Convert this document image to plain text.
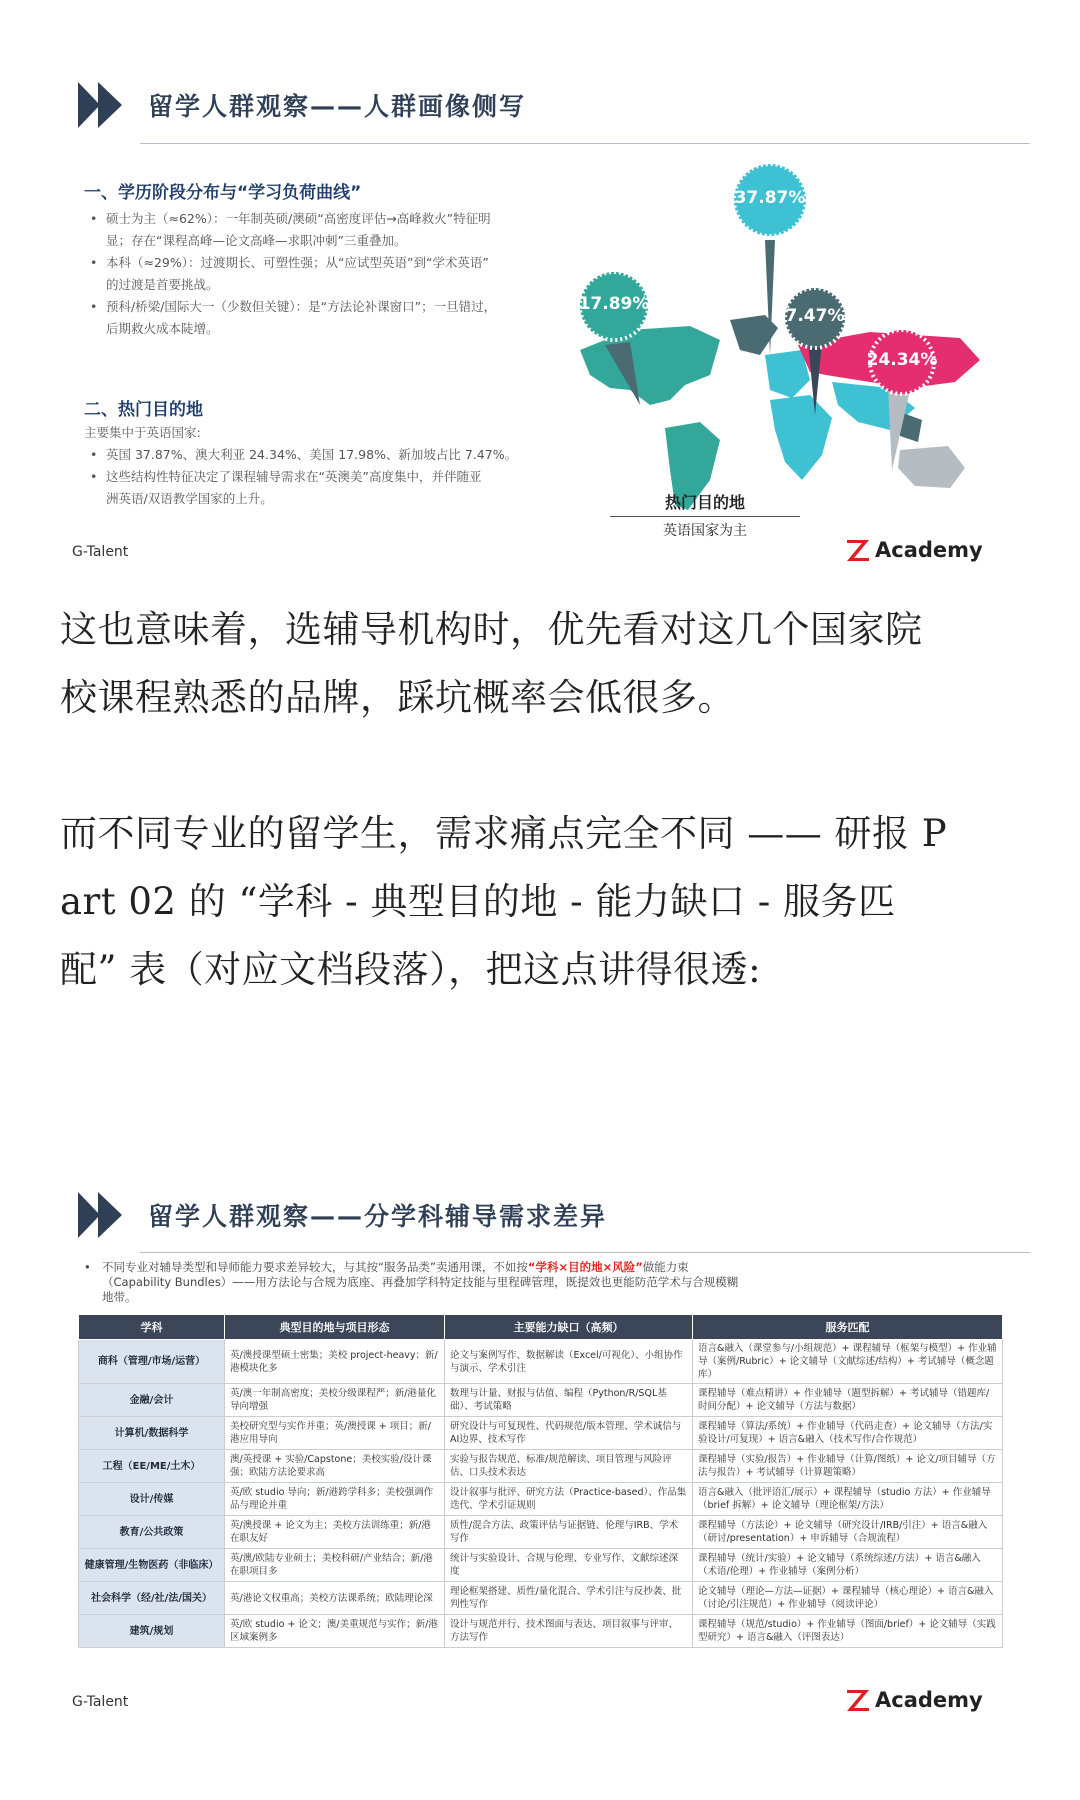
留学人群观察——人群画像侧写
一、学历阶段分布与“学习负荷曲线”
• 硕士为主（≈62%）：一年制英硕/澳硕“高密度评估→高峰救火”特征明
显；存在“课程高峰—论文高峰—求职冲刺”三重叠加。
• 本科（≈29%）：过渡期长、可塑性强；从“应试型英语”到“学术英语”
的过渡是首要挑战。
• 预科/桥梁/国际大一（少数但关键）：是“方法论补课窗口”；一旦错过，
后期救火成本陡增。
二、热门目的地
主要集中于英语国家:
• 英国 37.87%、澳大利亚 24.34%、美国 17.98%、新加坡占比 7.47%。
• 这些结构性特征决定了课程辅导需求在“英澳美”高度集中，并伴随亚
洲英语/双语教学国家的上升。
37.87%
17.89%
7.47%
24.34%
热门目的地
英语国家为主
G-Talent	Academy
这也意味着，选辅导机构时，优先看对这几个国家院
校课程熟悉的品牌，踩坑概率会低很多。
而不同专业的留学生，需求痛点完全不同 —— 研报 P
art 02 的 “学科 - 典型目的地 - 能力缺口 - 服务匹
配” 表（对应文档段落），把这点讲得很透:
留学人群观察——分学科辅导需求差异
• 不同专业对辅导类型和导师能力要求差异较大，与其按“服务品类”卖通用课，不如按“学科×目的地×风险”做能力束
（Capability Bundles）——用方法论与合规为底座、再叠加学科特定技能与里程碑管理，既提效也更能防范学术与合规模糊
地带。
学科	典型目的地与项目形态	主要能力缺口（高频）	服务匹配
商科（管理/市场/运营）	英/澳授课型硕士密集；美校 project-heavy；新/港模块化多	论文与案例写作、数据解读（Excel/可视化）、小组协作与演示、学术引注	语言&融入（课堂参与/小组规范）+ 课程辅导（框架与模型）+ 作业辅导（案例/Rubric）+ 论文辅导（文献综述/结构）+ 考试辅导（概念题库）
金融/会计	英/澳一年制高密度；美校分级课程严；新/港量化导向增强	数理与计量、财报与估值、编程（Python/R/SQL基础）、考试策略	课程辅导（难点精讲）+ 作业辅导（题型拆解）+ 考试辅导（错题库/时间分配）+ 论文辅导（方法与数据）
计算机/数据科学	美校研究型与实作并重；英/澳授课 + 项目；新/港应用导向	研究设计与可复现性、代码规范/版本管理、学术诚信与AI边界、技术写作	课程辅导（算法/系统）+ 作业辅导（代码走查）+ 论文辅导（方法/实验设计/可复现）+ 语言&融入（技术写作/合作规范）
工程（EE/ME/土木）	澳/英授课 + 实验/Capstone；美校实验/设计课强；欧陆方法论要求高	实验与报告规范、标准/规范解读、项目管理与风险评估、口头技术表达	课程辅导（实验/报告）+ 作业辅导（计算/图纸）+ 论文/项目辅导（方法与报告）+ 考试辅导（计算题策略）
设计/传媒	英/欧 studio 导向；新/港跨学科多；美校强调作品与理论并重	设计叙事与批评、研究方法（Practice-based）、作品集迭代、学术引证规则	语言&融入（批评语汇/展示）+ 课程辅导（studio 方法）+ 作业辅导（brief 拆解）+ 论文辅导（理论框架/方法）
教育/公共政策	英/澳授课 + 论文为主；美校方法训练重；新/港在职友好	质性/混合方法、政策评估与证据链、伦理与IRB、学术写作	课程辅导（方法论）+ 论文辅导（研究设计/IRB/引注）+ 语言&融入（研讨/presentation）+ 申诉辅导（合规流程）
健康管理/生物医药（非临床）	英/澳/欧陆专业硕士；美校科研/产业结合；新/港在职项目多	统计与实验设计、合规与伦理、专业写作、文献综述深度	课程辅导（统计/实验）+ 论文辅导（系统综述/方法）+ 语言&融入（术语/伦理）+ 作业辅导（案例分析）
社会科学（经/社/法/国关）	英/港论文权重高；美校方法课系统；欧陆理论深	理论框架搭建、质性/量化混合、学术引注与反抄袭、批判性写作	论文辅导（理论—方法—证据）+ 课程辅导（核心理论）+ 语言&融入（讨论/引注规范）+ 作业辅导（阅读评论）
建筑/规划	英/欧 studio + 论文；澳/美重规范与实作；新/港区域案例多	设计与规范并行、技术图面与表达、项目叙事与评审、方法写作	课程辅导（规范/studio）+ 作业辅导（图面/brief）+ 论文辅导（实践型研究）+ 语言&融入（评图表达）
G-Talent	Academy
